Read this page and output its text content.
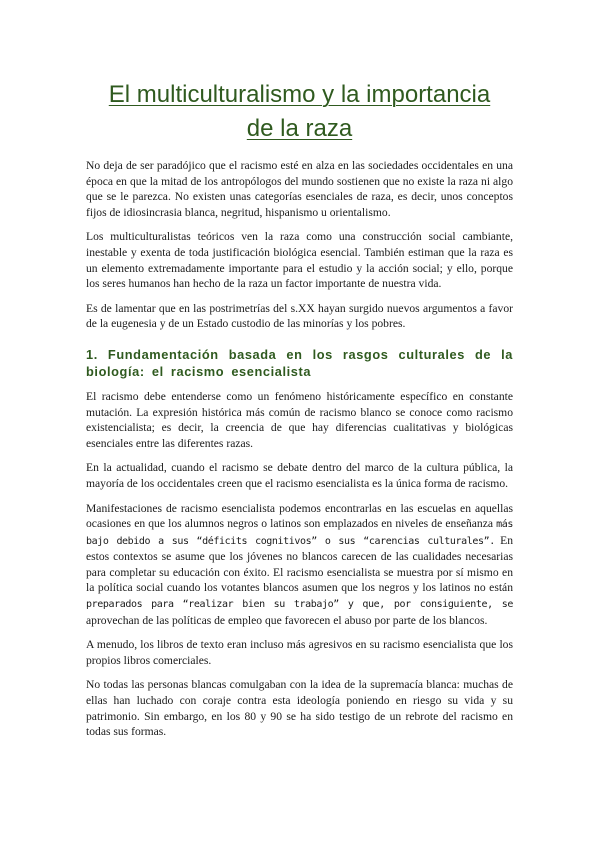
El multiculturalismo y la importancia
de la raza

No deja de ser paradójico que el racismo esté en alza en las sociedades occidentales en una época en que la mitad de los antropólogos del mundo sostienen que no existe la raza ni algo que se le parezca. No existen unas categorías esenciales de raza, es decir, unos conceptos fijos de idiosincrasia blanca, negritud, hispanismo u orientalismo.

Los multiculturalistas teóricos ven la raza como una construcción social cambiante, inestable y exenta de toda justificación biológica esencial. También estiman que la raza es un elemento extremadamente importante para el estudio y la acción social; y ello, porque los seres humanos han hecho de la raza un factor importante de nuestra vida.

Es de lamentar que en las postrimetrías del s.XX hayan surgido nuevos argumentos a favor de la eugenesia y de un Estado custodio de las minorías y los pobres.

1. Fundamentación basada en los rasgos culturales de la biología: el racismo esencialista

El racismo debe entenderse como un fenómeno históricamente específico en constante mutación. La expresión histórica más común de racismo blanco se conoce como racismo existencialista; es decir, la creencia de que hay diferencias cualitativas y biológicas esenciales entre las diferentes razas.

En la actualidad, cuando el racismo se debate dentro del marco de la cultura pública, la mayoría de los occidentales creen que el racismo esencialista es la única forma de racismo.

Manifestaciones de racismo esencialista podemos encontrarlas en las escuelas en aquellas ocasiones en que los alumnos negros o latinos son emplazados en niveles de enseñanza más bajo debido a sus “déficits cognitivos” o sus “carencias culturales”. En estos contextos se asume que los jóvenes no blancos carecen de las cualidades necesarias para completar su educación con éxito. El racismo esencialista se muestra por sí mismo en la política social cuando los votantes blancos asumen que los negros y los latinos no están preparados para “realizar bien su trabajo” y que, por consiguiente, se aprovechan de las políticas de empleo que favorecen el abuso por parte de los blancos.

A menudo, los libros de texto eran incluso más agresivos en su racismo esencialista que los propios libros comerciales.

No todas las personas blancas comulgaban con la idea de la supremacía blanca: muchas de ellas han luchado con coraje contra esta ideología poniendo en riesgo su vida y su patrimonio. Sin embargo, en los 80 y 90 se ha sido testigo de un rebrote del racismo en todas sus formas.
